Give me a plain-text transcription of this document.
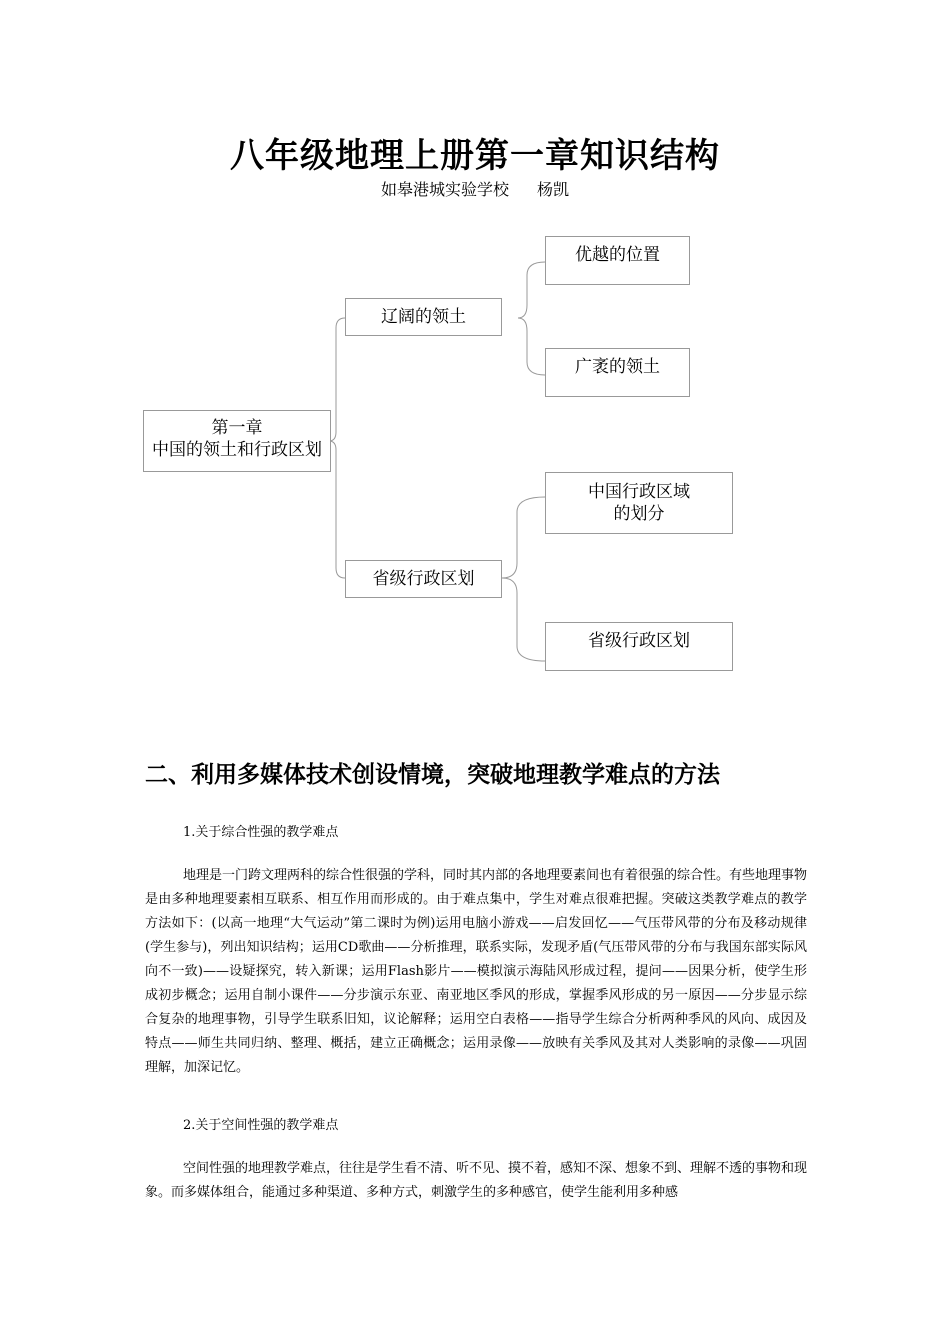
八年级地理上册第一章知识结构
如皋港城实验学校 杨凯
第一章
中国的领土和行政区划
辽阔的领土
优越的位置
广袤的领土
省级行政区划
中国行政区域
的划分
省级行政区划
二、利用多媒体技术创设情境，突破地理教学难点的方法
1.关于综合性强的教学难点

地理是一门跨文理两科的综合性很强的学科，同时其内部的各地理要素间也有着很强的综合性。有些地理事物是由多种地理要素相互联系、相互作用而形成的。由于难点集中，学生对难点很难把握。突破这类教学难点的教学方法如下：(以高一地理“大气运动”第二课时为例)运用电脑小游戏——启发回忆——气压带风带的分布及移动规律(学生参与)，列出知识结构；运用CD歌曲——分析推理，联系实际，发现矛盾(气压带风带的分布与我国东部实际风向不一致)——设疑探究，转入新课；运用Flash影片——模拟演示海陆风形成过程，提问——因果分析，使学生形成初步概念；运用自制小课件——分步演示东亚、南亚地区季风的形成，掌握季风形成的另一原因——分步显示综合复杂的地理事物，引导学生联系旧知，议论解释；运用空白表格——指导学生综合分析两种季风的风向、成因及特点——师生共同归纳、整理、概括，建立正确概念；运用录像——放映有关季风及其对人类影响的录像——巩固理解，加深记忆。

2.关于空间性强的教学难点

空间性强的地理教学难点，往往是学生看不清、听不见、摸不着，感知不深、想象不到、理解不透的事物和现象。而多媒体组合，能通过多种渠道、多种方式，刺激学生的多种感官，使学生能利用多种感
